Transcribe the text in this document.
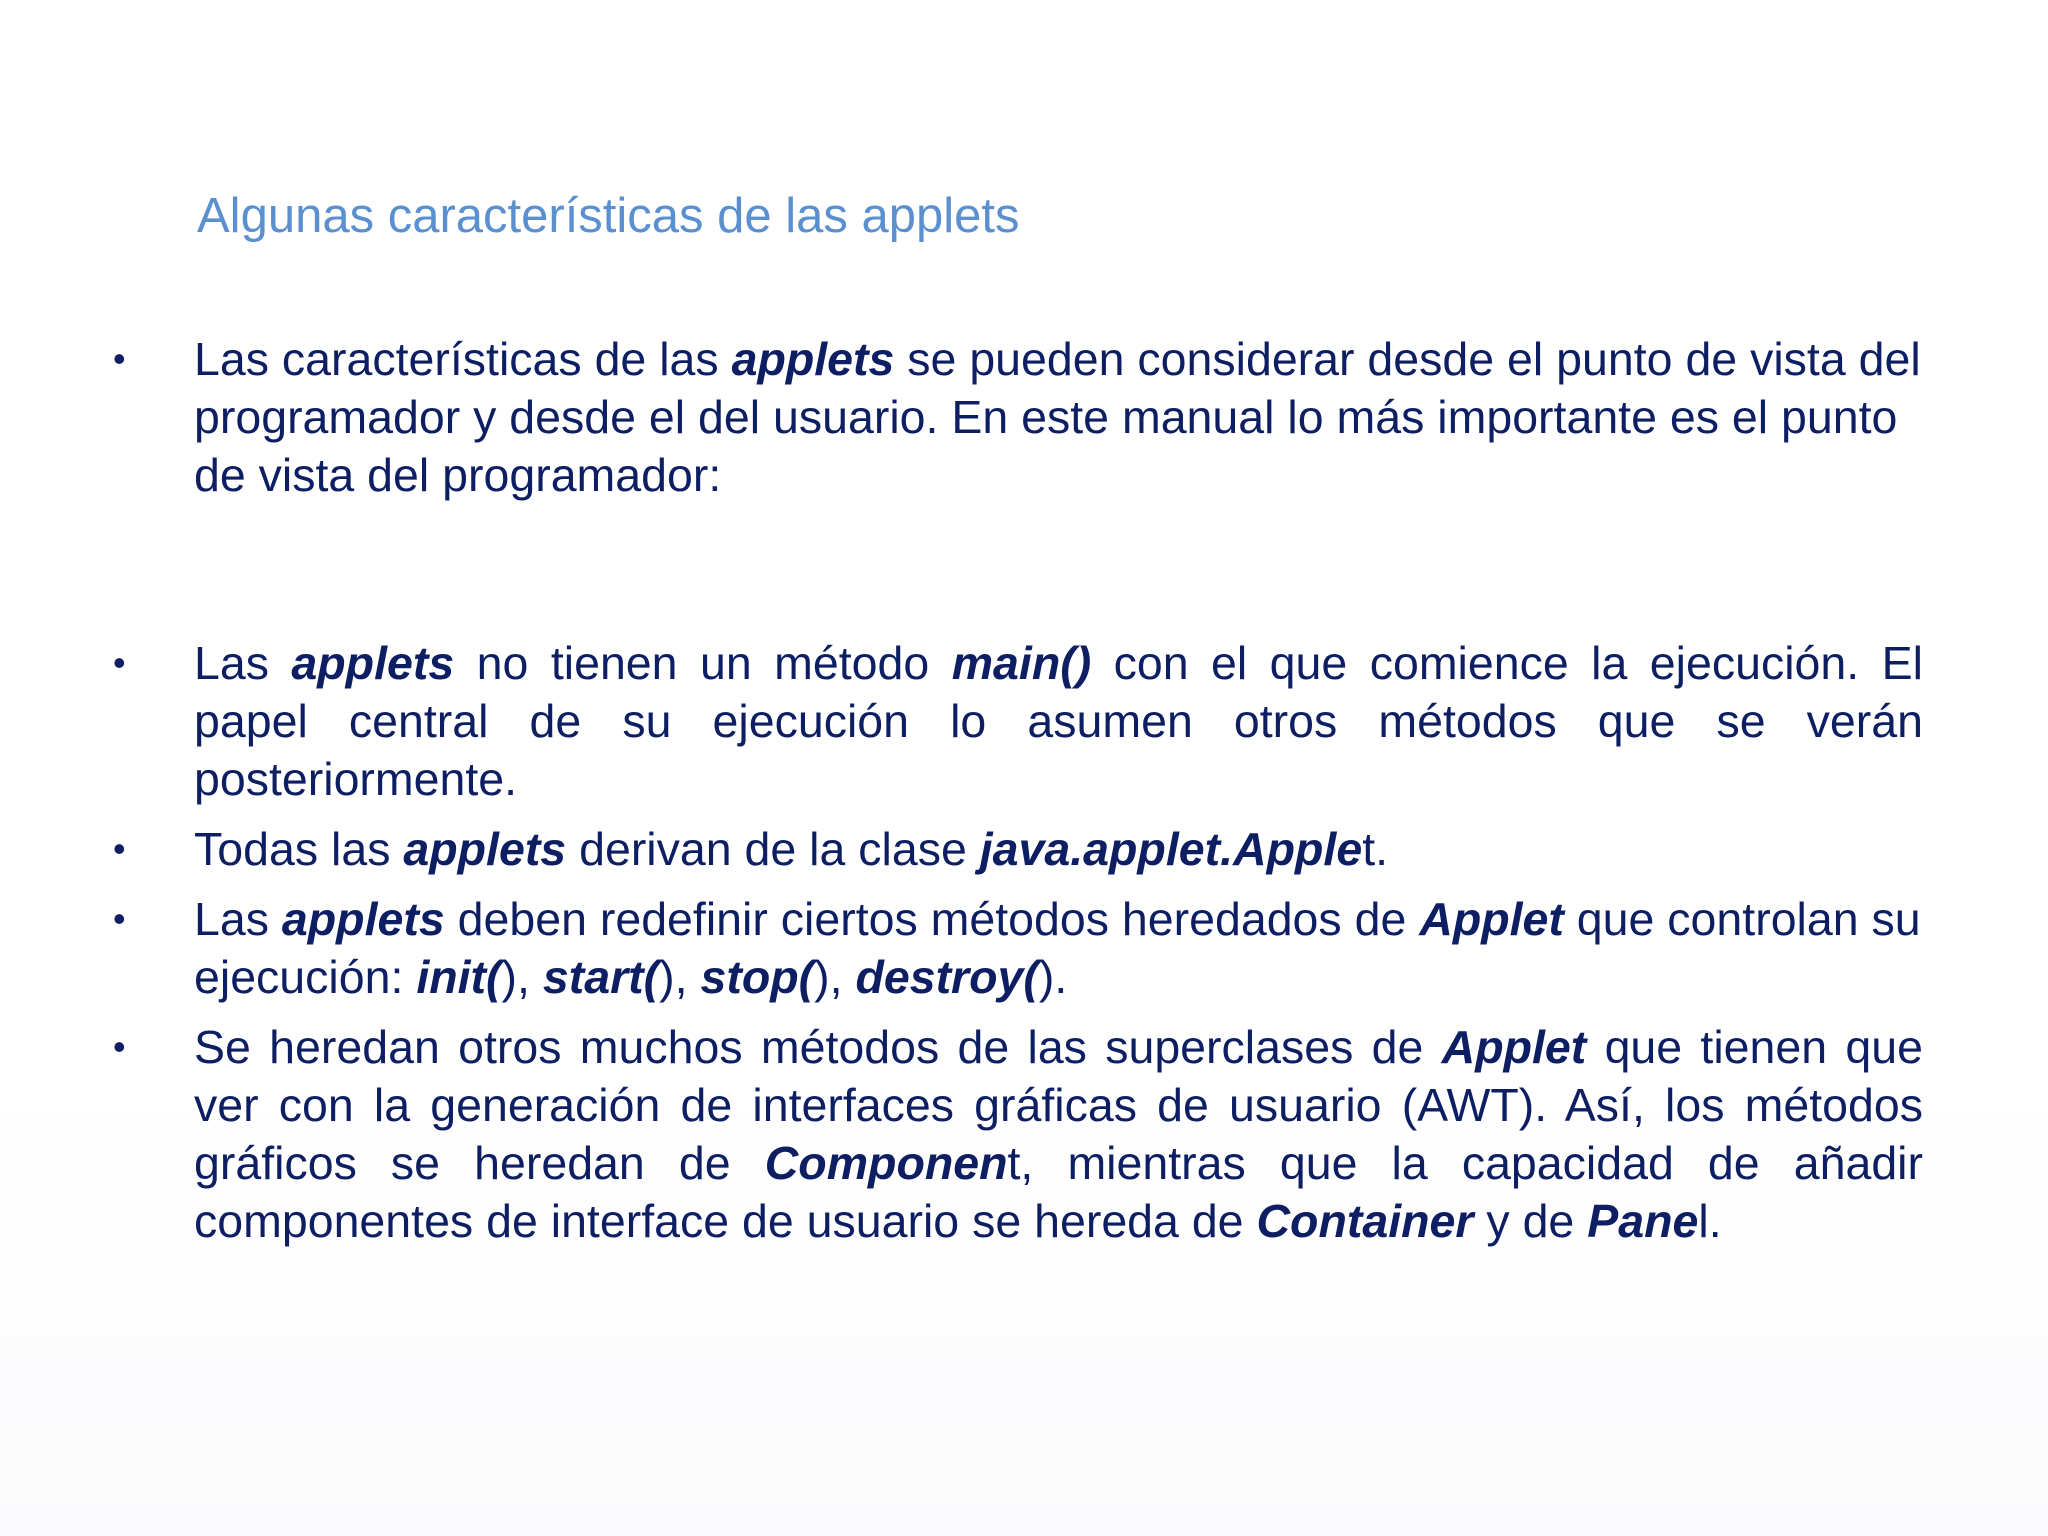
Algunas características de las applets
• Las características de las applets se pueden considerar desde el punto de vista del programador y desde el del usuario. En este manual lo más importante es el punto de vista del programador:
• Las applets no tienen un método main() con el que comience la ejecución. El papel central de su ejecución lo asumen otros métodos que se verán posteriormente.
• Todas las applets derivan de la clase java.applet.Applet.
• Las applets deben redefinir ciertos métodos heredados de Applet que controlan su ejecución: init(), start(), stop(), destroy().
• Se heredan otros muchos métodos de las superclases de Applet que tienen que ver con la generación de interfaces gráficas de usuario (AWT). Así, los métodos gráficos se heredan de Component, mientras que la capacidad de añadir componentes de interface de usuario se hereda de Container y de Panel.
